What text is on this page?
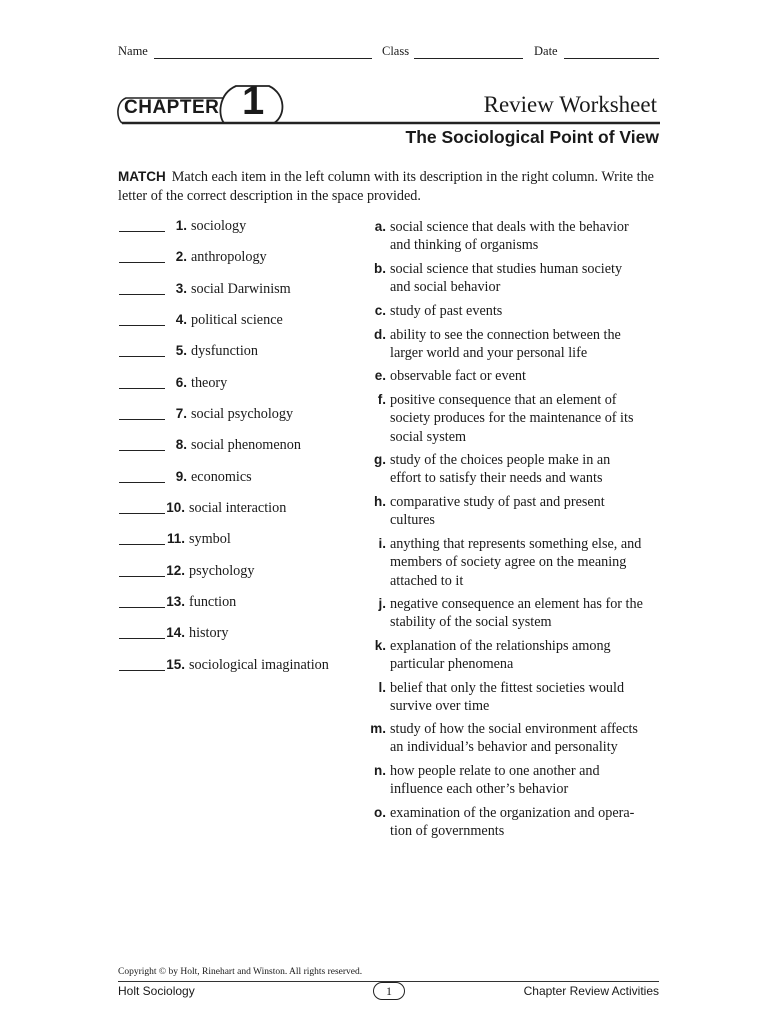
Name	Class	Date
CHAPTER 1	Review Worksheet
The Sociological Point of View
MATCH Match each item in the left column with its description in the right column. Write the letter of the correct description in the space provided.
1. sociology
2. anthropology
3. social Darwinism
4. political science
5. dysfunction
6. theory
7. social psychology
8. social phenomenon
9. economics
10. social interaction
11. symbol
12. psychology
13. function
14. history
15. sociological imagination
a. social science that deals with the behavior
and thinking of organisms
b. social science that studies human society
and social behavior
c. study of past events
d. ability to see the connection between the
larger world and your personal life
e. observable fact or event
f. positive consequence that an element of
society produces for the maintenance of its
social system
g. study of the choices people make in an
effort to satisfy their needs and wants
h. comparative study of past and present
cultures
i. anything that represents something else, and
members of society agree on the meaning
attached to it
j. negative consequence an element has for the
stability of the social system
k. explanation of the relationships among
particular phenomena
l. belief that only the fittest societies would
survive over time
m. study of how the social environment affects
an individual’s behavior and personality
n. how people relate to one another and
influence each other’s behavior
o. examination of the organization and opera-
tion of governments
Copyright © by Holt, Rinehart and Winston. All rights reserved.
Holt Sociology	1	Chapter Review Activities
